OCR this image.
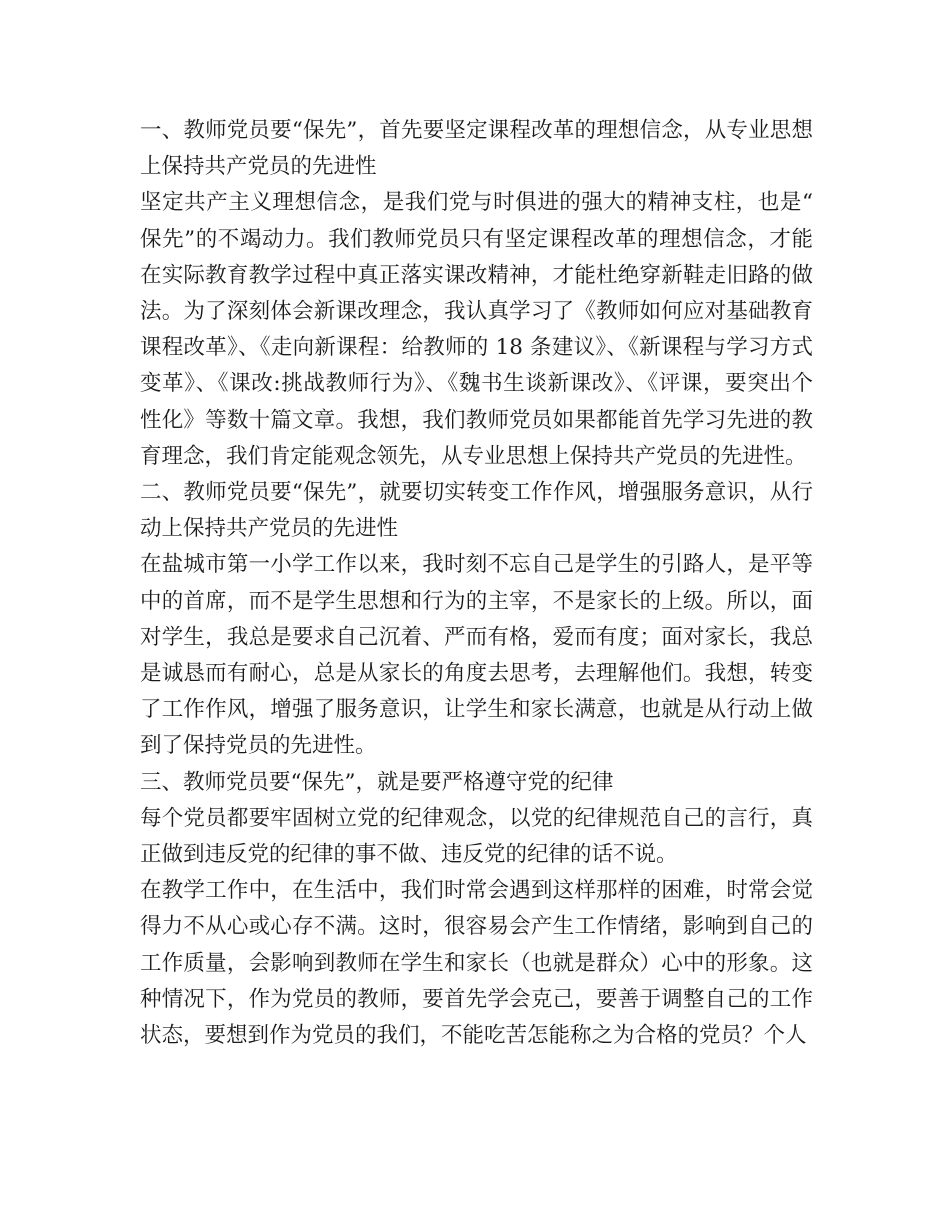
一、教师党员要“保先”，首先要坚定课程改革的理想信念，从专业思想上保持共产党员的先进性

坚定共产主义理想信念，是我们党与时俱进的强大的精神支柱，也是“保先”的不竭动力。我们教师党员只有坚定课程改革的理想信念，才能在实际教育教学过程中真正落实课改精神，才能杜绝穿新鞋走旧路的做法。为了深刻体会新课改理念，我认真学习了《教师如何应对基础教育课程改革》、《走向新课程：给教师的 18 条建议》、《新课程与学习方式变革》、《课改:挑战教师行为》、《魏书生谈新课改》、《评课，要突出个性化》等数十篇文章。我想，我们教师党员如果都能首先学习先进的教育理念，我们肯定能观念领先，从专业思想上保持共产党员的先进性。

二、教师党员要“保先”，就要切实转变工作作风，增强服务意识，从行动上保持共产党员的先进性

在盐城市第一小学工作以来，我时刻不忘自己是学生的引路人，是平等中的首席，而不是学生思想和行为的主宰，不是家长的上级。所以，面对学生，我总是要求自己沉着、严而有格，爱而有度；面对家长，我总是诚恳而有耐心，总是从家长的角度去思考，去理解他们。我想，转变了工作作风，增强了服务意识，让学生和家长满意，也就是从行动上做到了保持党员的先进性。

三、教师党员要“保先”，就是要严格遵守党的纪律

每个党员都要牢固树立党的纪律观念，以党的纪律规范自己的言行，真正做到违反党的纪律的事不做、违反党的纪律的话不说。

在教学工作中，在生活中，我们时常会遇到这样那样的困难，时常会觉得力不从心或心存不满。这时，很容易会产生工作情绪，影响到自己的工作质量，会影响到教师在学生和家长（也就是群众）心中的形象。这种情况下，作为党员的教师，要首先学会克己，要善于调整自己的工作状态，要想到作为党员的我们，不能吃苦怎能称之为合格的党员？个人
